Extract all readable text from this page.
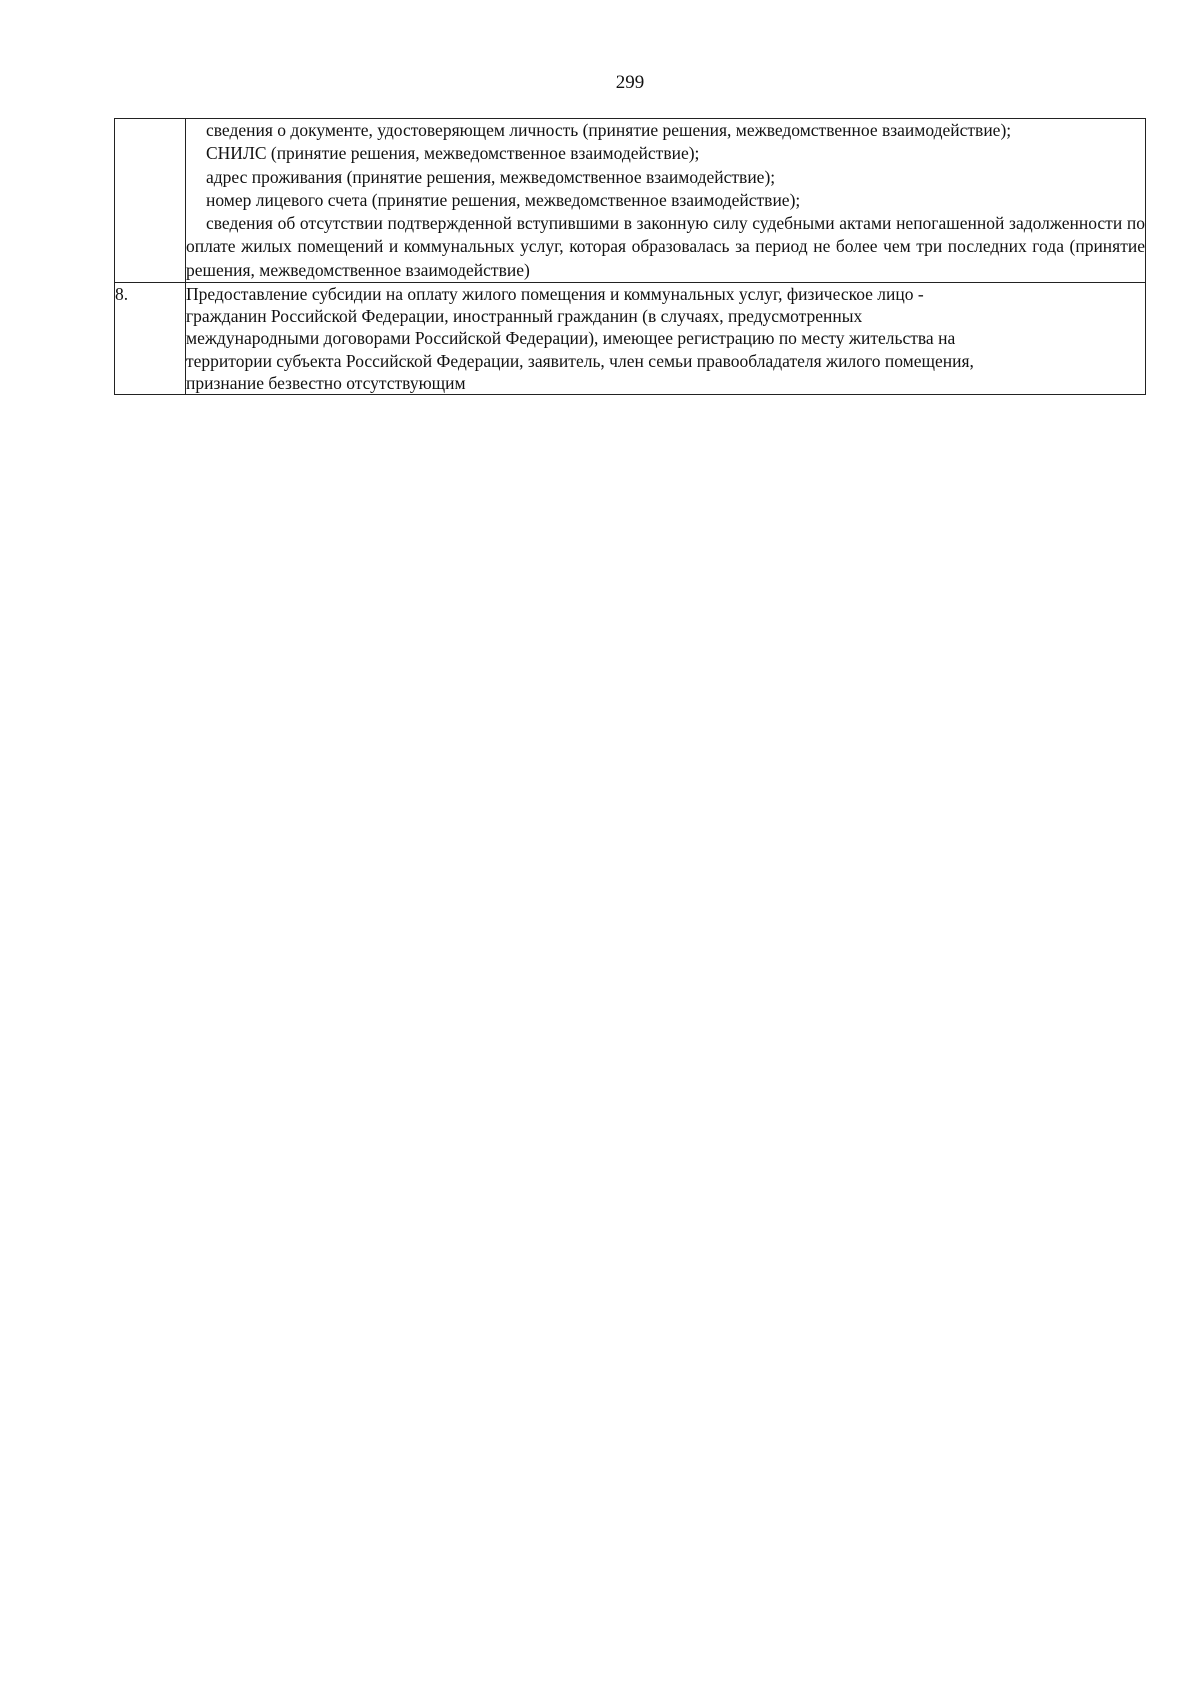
299

	сведения о документе, удостоверяющем личность (принятие решения, межведомственное взаимодействие);

СНИЛС (принятие решения, межведомственное взаимодействие);

адрес проживания (принятие решения, межведомственное взаимодействие);

номер лицевого счета (принятие решения, межведомственное взаимодействие);

сведения об отсутствии подтвержденной вступившими в законную силу судебными актами непогашенной задолженности по оплате жилых помещений и коммунальных услуг, которая образовалась за период не более чем три последних года (принятие решения, межведомственное взаимодействие)

8.	Предоставление субсидии на оплату жилого помещения и коммунальных услуг, физическое лицо -

гражданин Российской Федерации, иностранный гражданин (в случаях, предусмотренных

международными договорами Российской Федерации), имеющее регистрацию по месту жительства на

территории субъекта Российской Федерации, заявитель, член семьи правообладателя жилого помещения,

признание безвестно отсутствующим
